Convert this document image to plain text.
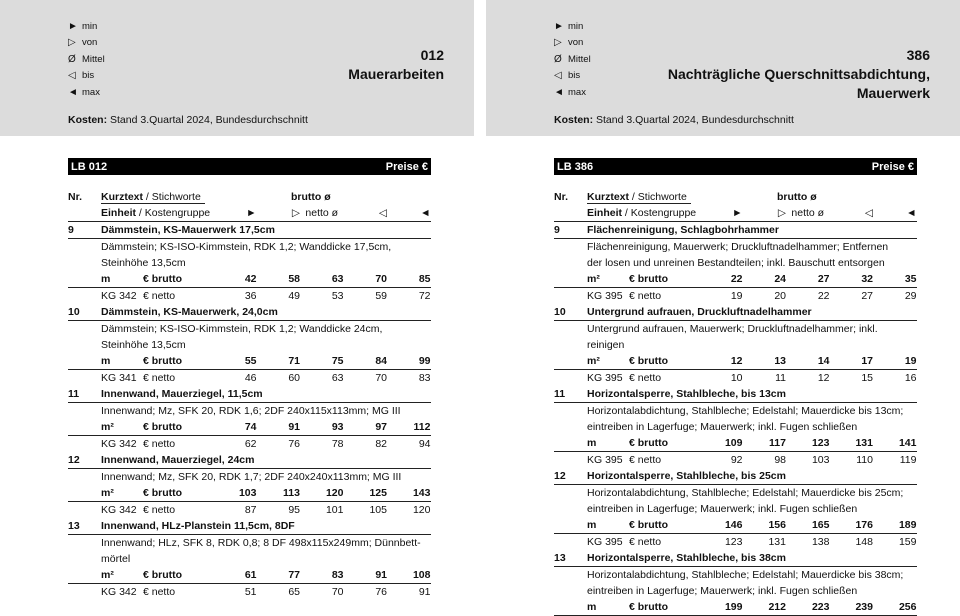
► min
▷ von
Ø Mittel
◁ bis
◄ max
012
Mauerarbeiten
Kosten: Stand 3.Quartal 2024, Bundesdurchschnitt
LB 012	Preise €
Nr.	Kurztext / Stichworte	brutto ø
Einheit / Kostengruppe	►	▷ netto ø	◁	◄
9	Dämmstein, KS-Mauerwerk 17,5cm
Dämmstein; KS-ISO-Kimmstein, RDK 1,2; Wanddicke 17,5cm,
Steinhöhe 13,5cm
m	€ brutto	42	58	63	70	85
KG 342 € netto	36	49	53	59	72
10	Dämmstein, KS-Mauerwerk, 24,0cm
Dämmstein; KS-ISO-Kimmstein, RDK 1,2; Wanddicke 24cm,
Steinhöhe 13,5cm
m	€ brutto	55	71	75	84	99
KG 341 € netto	46	60	63	70	83
11	Innenwand, Mauerziegel, 11,5cm
Innenwand; Mz, SFK 20, RDK 1,6; 2DF 240x115x113mm; MG III
m²	€ brutto	74	91	93	97	112
KG 342 € netto	62	76	78	82	94
12	Innenwand, Mauerziegel, 24cm
Innenwand; Mz, SFK 20, RDK 1,7; 2DF 240x240x113mm; MG III
m²	€ brutto	103	113	120	125	143
KG 342 € netto	87	95	101	105	120
13	Innenwand, HLz-Planstein 11,5cm, 8DF
Innenwand; HLz, SFK 8, RDK 0,8; 8 DF 498x115x249mm; Dünnbett-
mörtel
m²	€ brutto	61	77	83	91	108
KG 342 € netto	51	65	70	76	91
► min
▷ von
Ø Mittel
◁ bis
◄ max
386
Nachträgliche Querschnittsabdichtung,
Mauerwerk
Kosten: Stand 3.Quartal 2024, Bundesdurchschnitt
LB 386	Preise €
Nr.	Kurztext / Stichworte	brutto ø
Einheit / Kostengruppe	►	▷ netto ø	◁	◄
9	Flächenreinigung, Schlagbohrhammer
Flächenreinigung, Mauerwerk; Druckluftnadelhammer; Entfernen
der losen und unreinen Bestandteilen; inkl. Bauschutt entsorgen
m²	€ brutto	22	24	27	32	35
KG 395 € netto	19	20	22	27	29
10	Untergrund aufrauen, Druckluftnadelhammer
Untergrund aufrauen, Mauerwerk; Druckluftnadelhammer; inkl. reinigen
m²	€ brutto	12	13	14	17	19
KG 395 € netto	10	11	12	15	16
11	Horizontalsperre, Stahlbleche, bis 13cm
Horizontalabdichtung, Stahlbleche; Edelstahl; Mauerdicke bis 13cm;
eintreiben in Lagerfuge; Mauerwerk; inkl. Fugen schließen
m	€ brutto	109	117	123	131	141
KG 395 € netto	92	98	103	110	119
12	Horizontalsperre, Stahlbleche, bis 25cm
Horizontalabdichtung, Stahlbleche; Edelstahl; Mauerdicke bis 25cm;
eintreiben in Lagerfuge; Mauerwerk; inkl. Fugen schließen
m	€ brutto	146	156	165	176	189
KG 395 € netto	123	131	138	148	159
13	Horizontalsperre, Stahlbleche, bis 38cm
Horizontalabdichtung, Stahlbleche; Edelstahl; Mauerdicke bis 38cm;
eintreiben in Lagerfuge; Mauerwerk; inkl. Fugen schließen
m	€ brutto	199	212	223	239	256
